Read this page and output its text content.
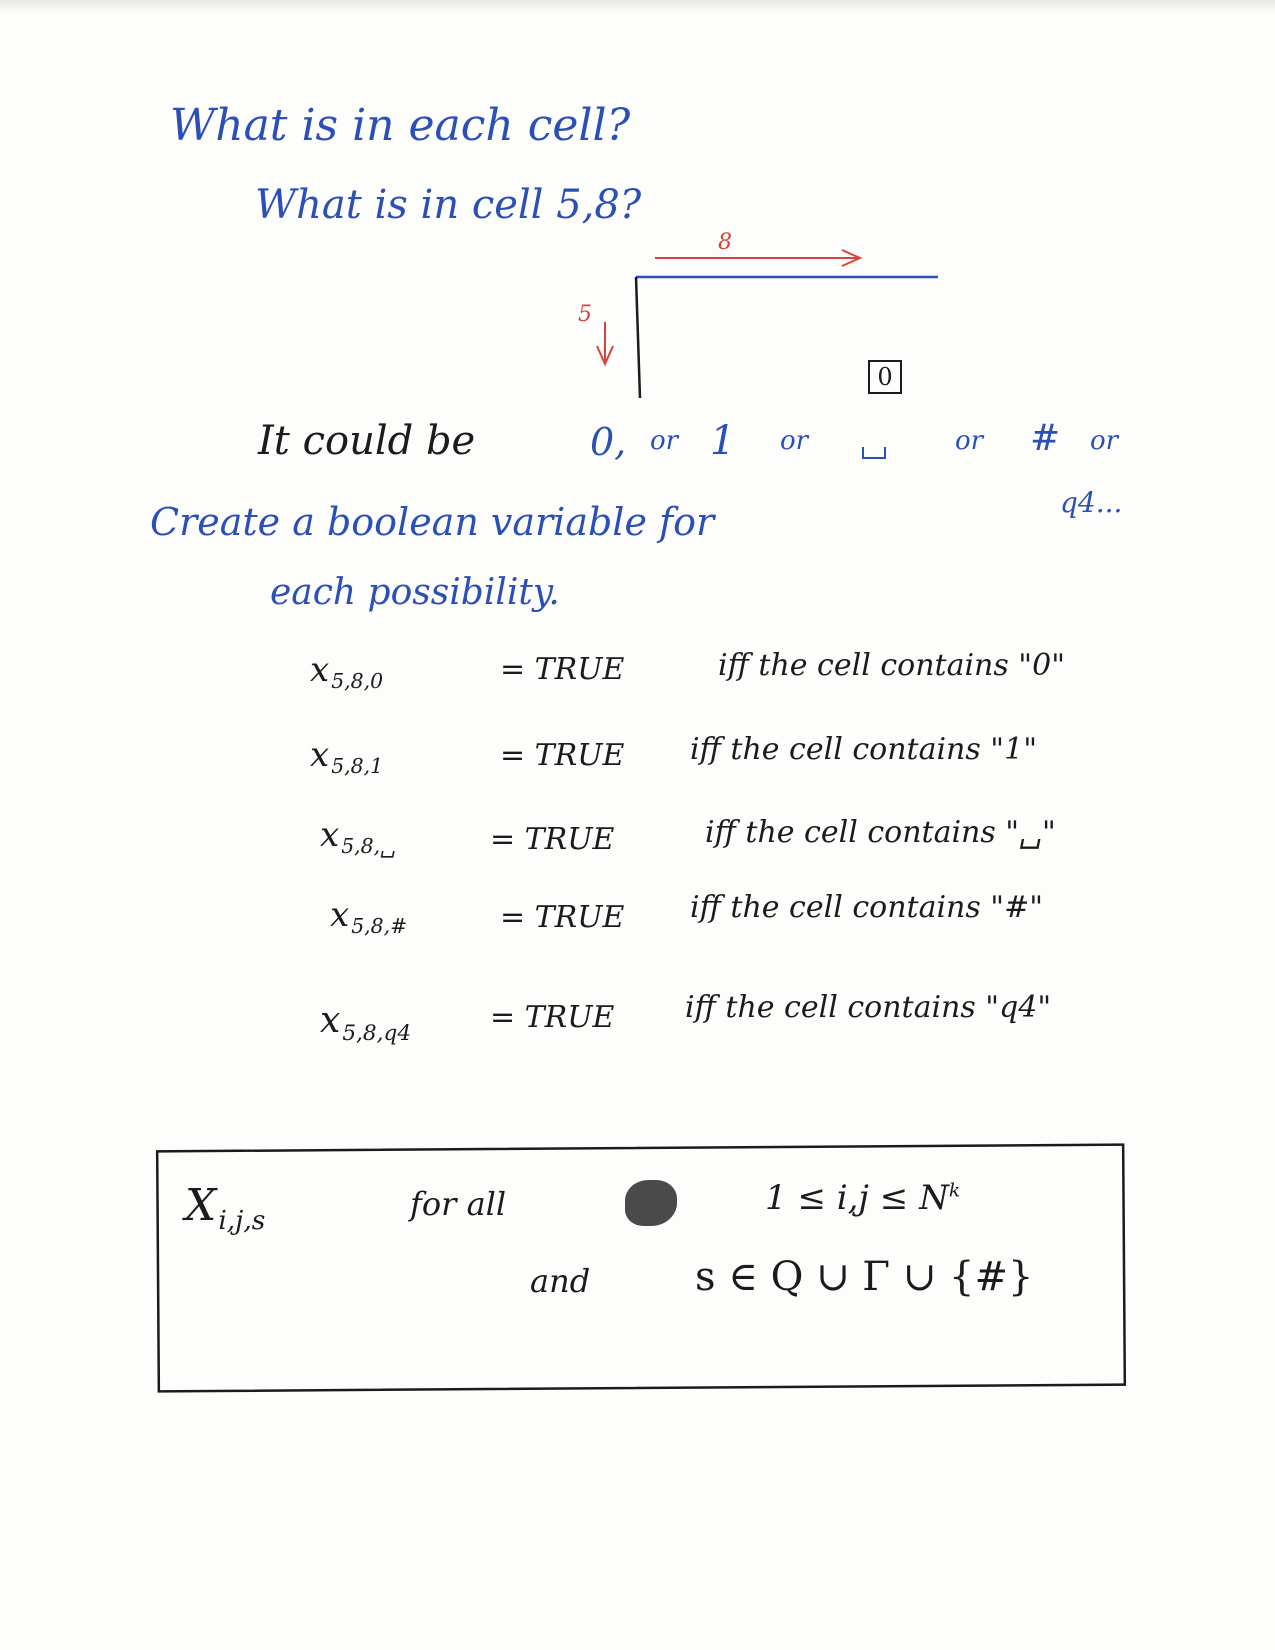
What is in each cell?
What is in cell 5,8?
8
5
0
It could be	0, or 1 or	or # or
q4...
Create a boolean variable for
each possibility.
$x_{5,8,0}$	= TRUE	iff the cell contains "0"
$x_{5,8,1}$	= TRUE iff the cell contains "1"
$x_{5,8,␣}$	= TRUE	iff the cell contains "␣"
$x_{5,8,\#}$	= TRUE iff the cell contains "#"
$x_{5,8,q4}$	= TRUE iff the cell contains "q4"
$X_{i,j,s}$	for all	$1 \le i,j \le N^k$
and	s ∈ Q ∪ Γ ∪ {#}
